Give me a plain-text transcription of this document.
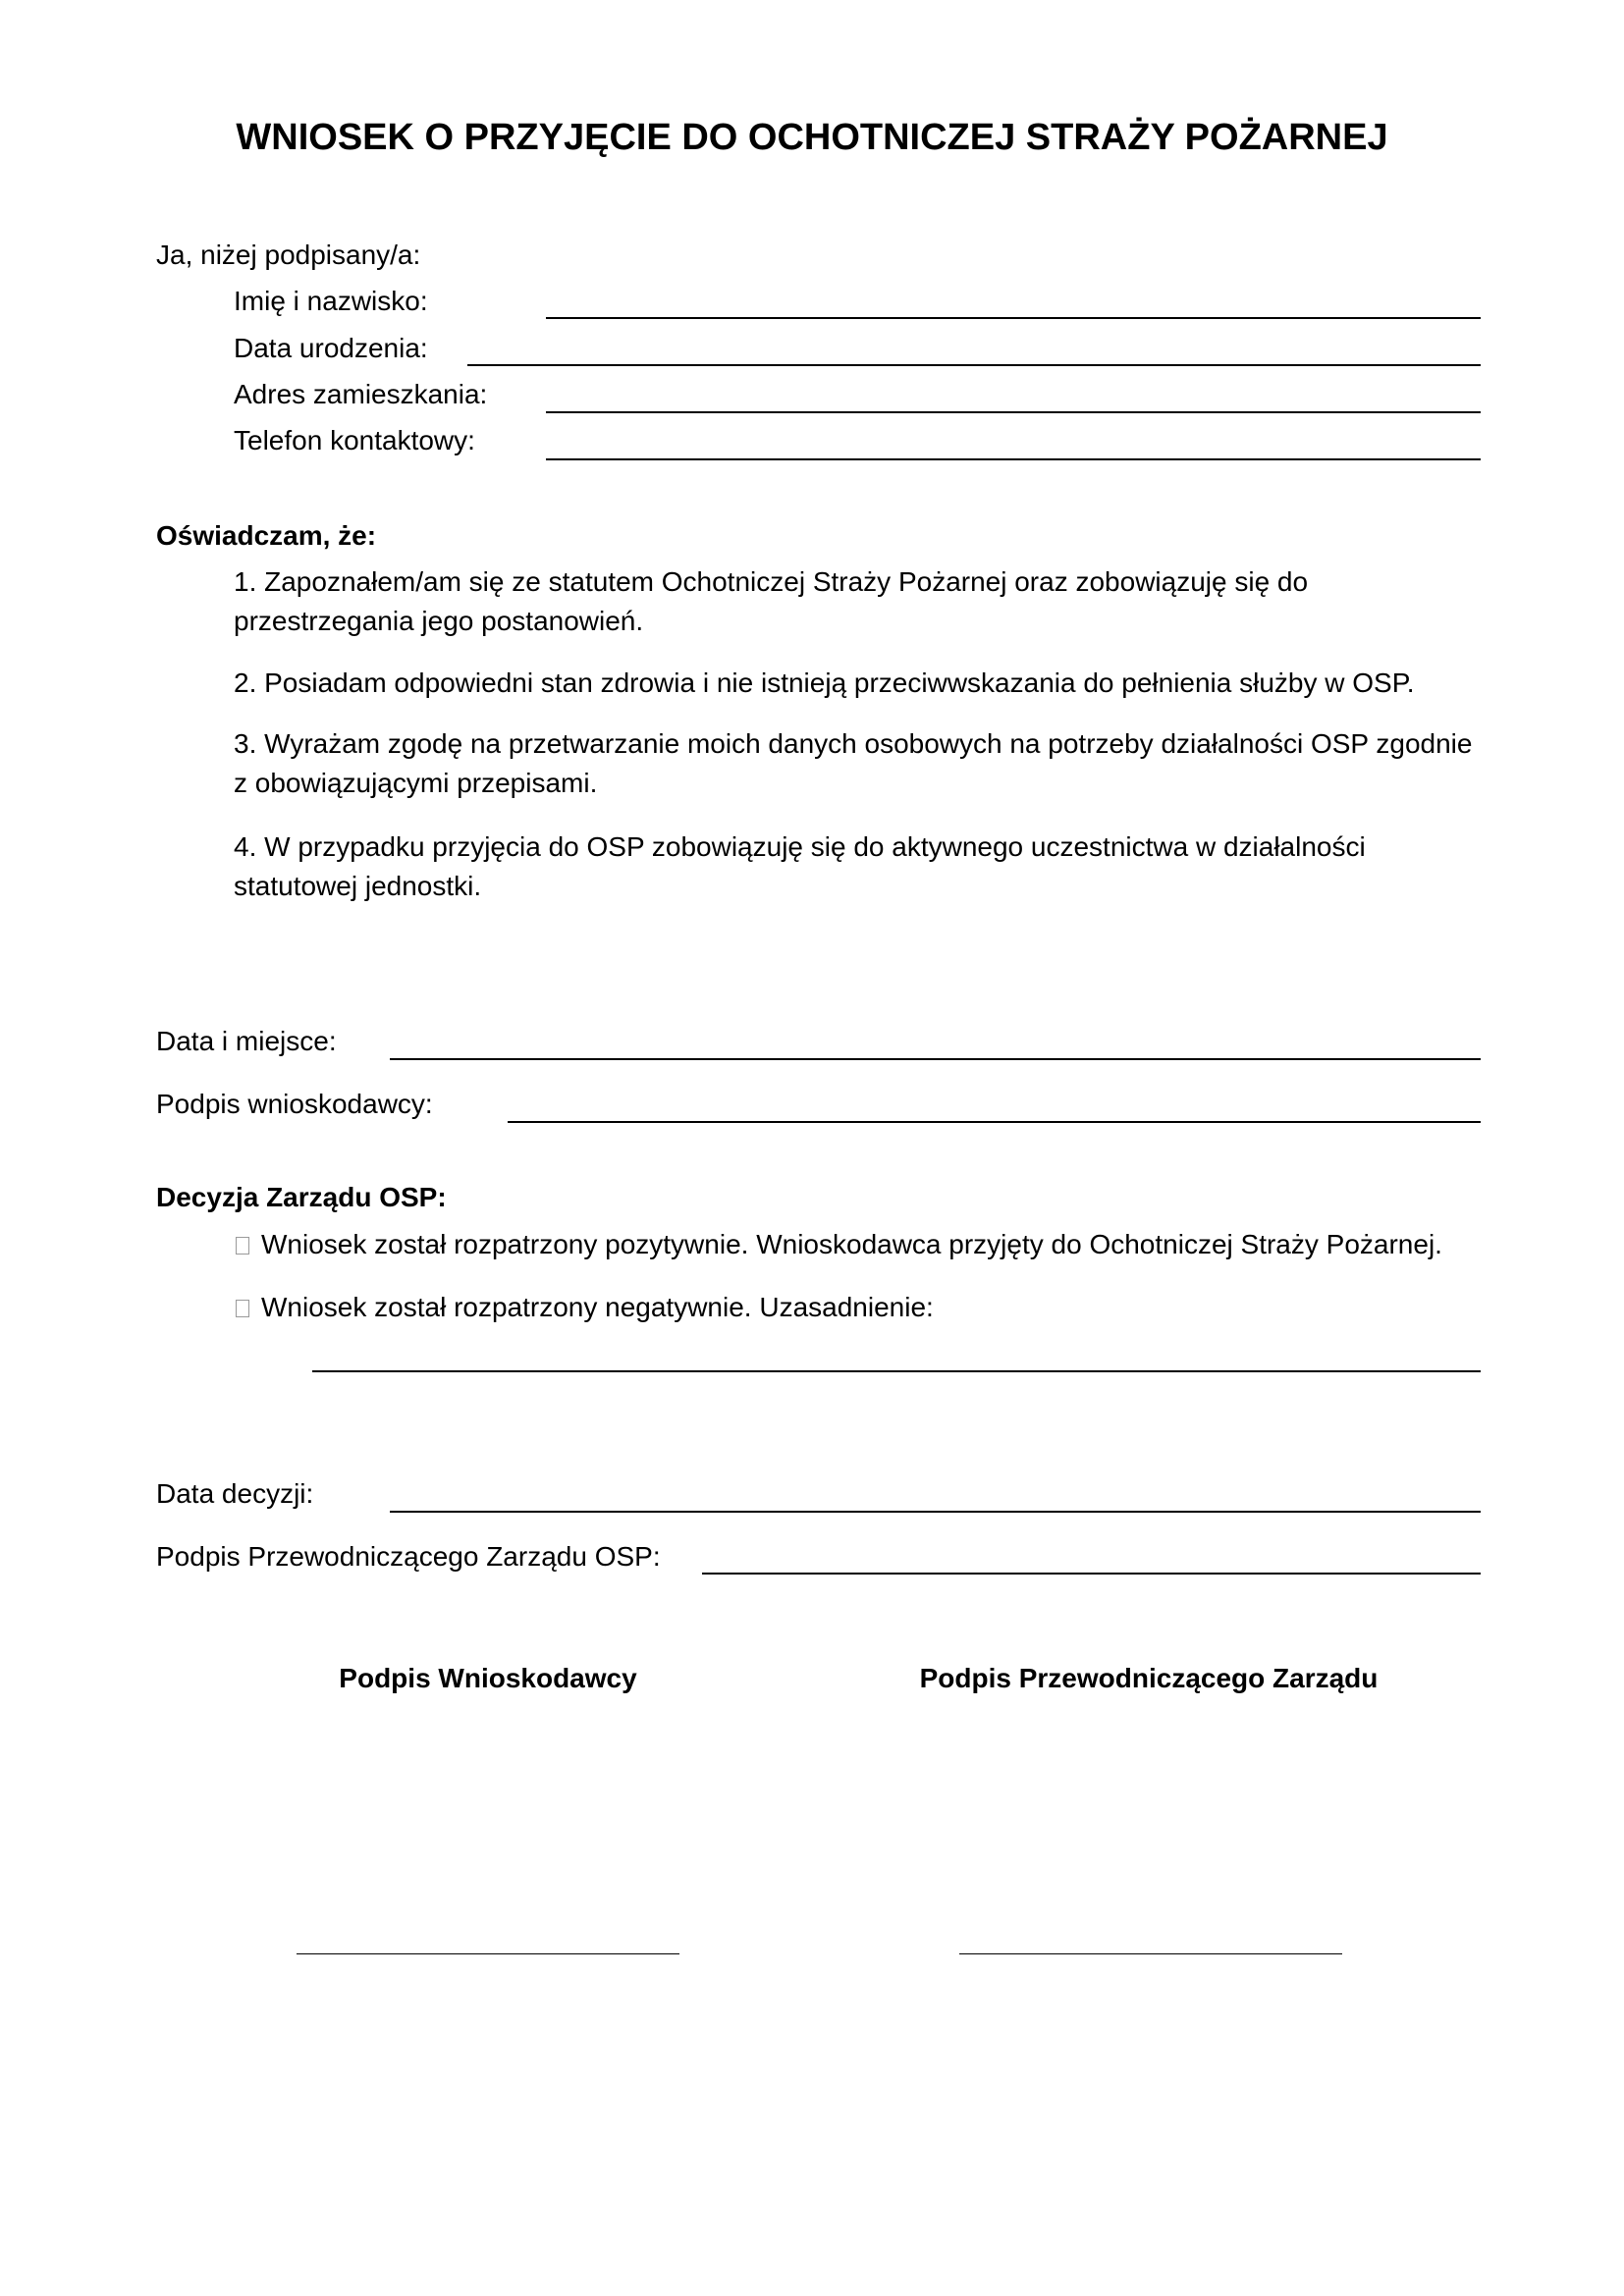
WNIOSEK O PRZYJĘCIE DO OCHOTNICZEJ STRAŻY POŻARNEJ
Ja, niżej podpisany/a:
Imię i nazwisko:
Data urodzenia:
Adres zamieszkania:
Telefon kontaktowy:
Oświadczam, że:
1. Zapoznałem/am się ze statutem Ochotniczej Straży Pożarnej oraz zobowiązuję się do
przestrzegania jego postanowień.
2. Posiadam odpowiedni stan zdrowia i nie istnieją przeciwwskazania do pełnienia służby w OSP.
3. Wyrażam zgodę na przetwarzanie moich danych osobowych na potrzeby działalności OSP zgodnie
z obowiązującymi przepisami.
4. W przypadku przyjęcia do OSP zobowiązuję się do aktywnego uczestnictwa w działalności
statutowej jednostki.
Data i miejsce:
Podpis wnioskodawcy:
Decyzja Zarządu OSP:
Wniosek został rozpatrzony pozytywnie. Wnioskodawca przyjęty do Ochotniczej Straży Pożarnej.
Wniosek został rozpatrzony negatywnie. Uzasadnienie:
Data decyzji:
Podpis Przewodniczącego Zarządu OSP:
Podpis Wnioskodawcy	Podpis Przewodniczącego Zarządu
